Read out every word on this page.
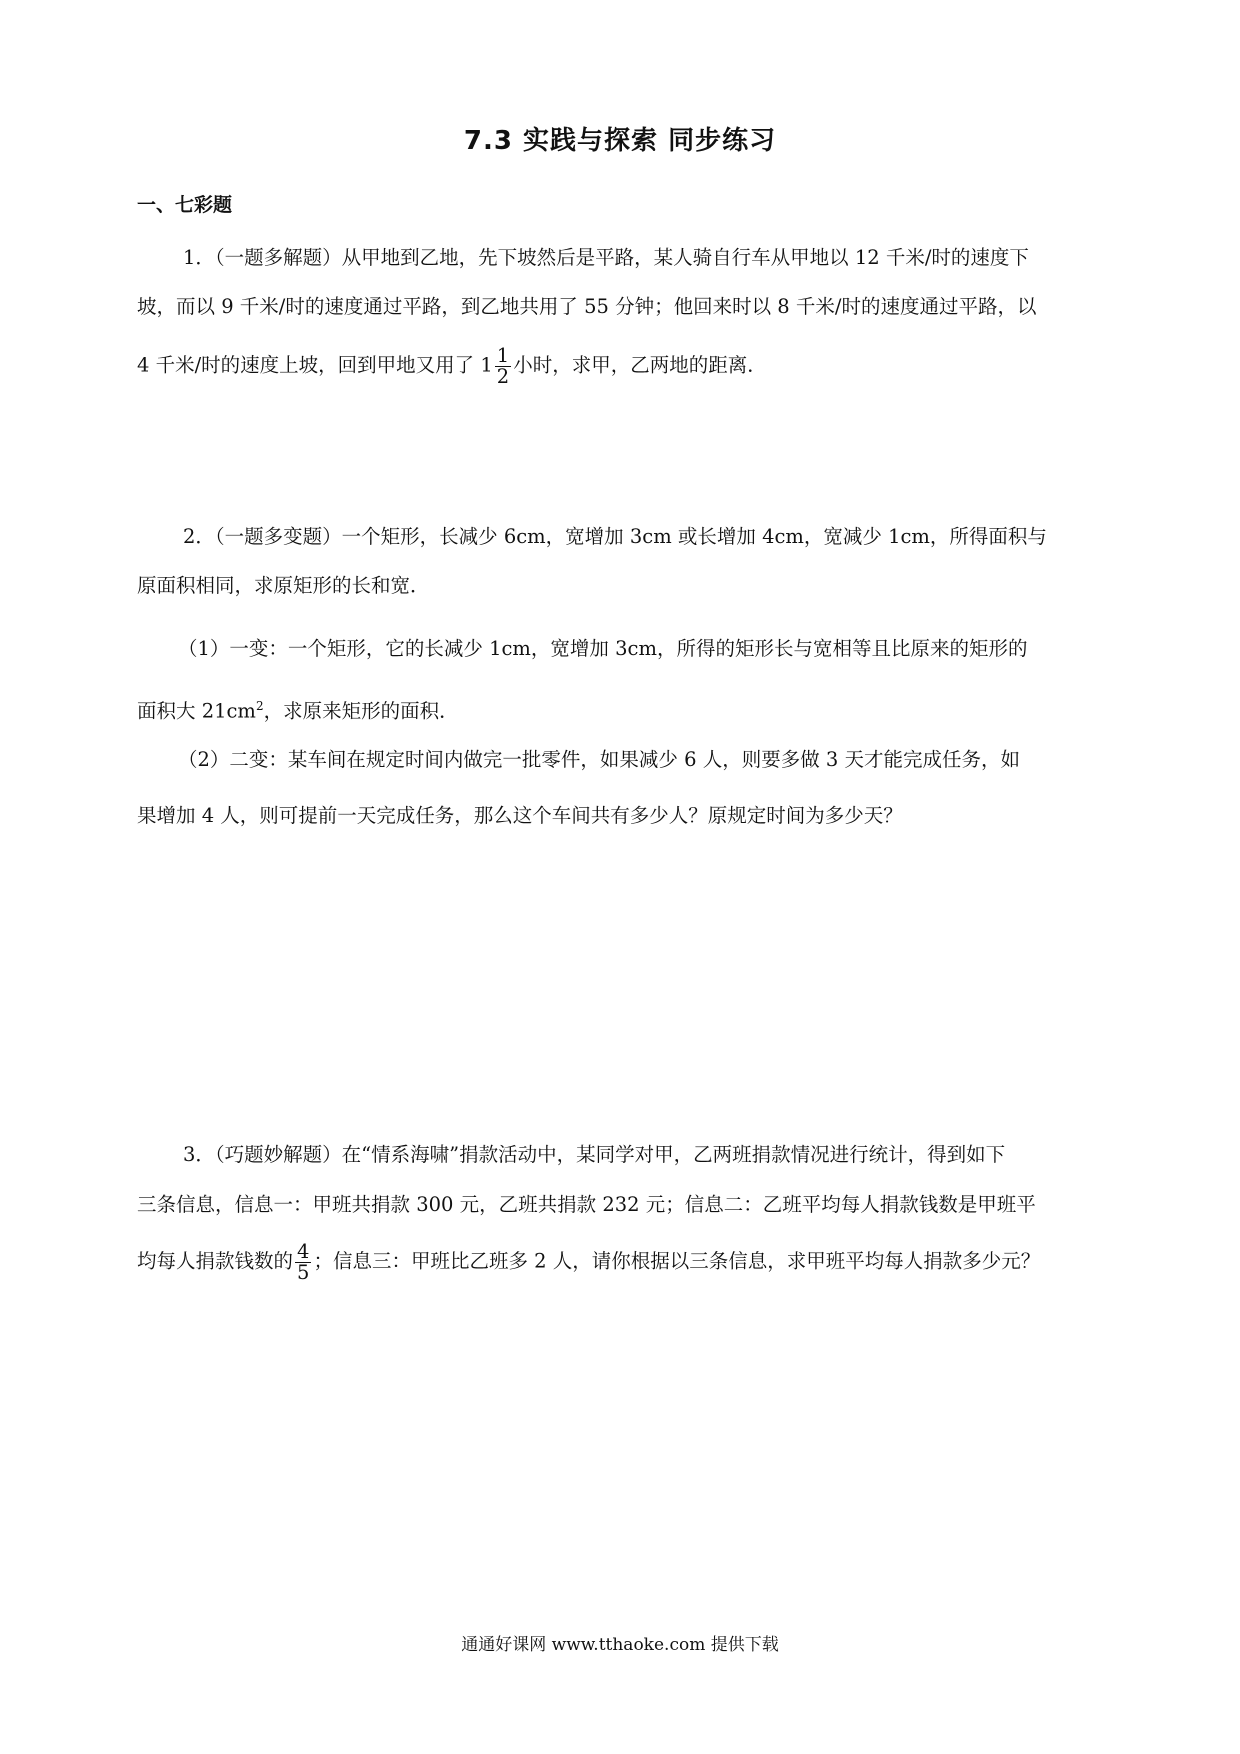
7.3 实践与探索 同步练习
一、七彩题
1．（一题多解题）从甲地到乙地，先下坡然后是平路，某人骑自行车从甲地以 12 千米/时的速度下
坡，而以 9 千米/时的速度通过平路，到乙地共用了 55 分钟；他回来时以 8 千米/时的速度通过平路，以
4 千米/时的速度上坡，回到甲地又用了 $1 \frac{1}{2}$ 小时，求甲，乙两地的距离．
2．（一题多变题）一个矩形，长减少 6cm，宽增加 3cm 或长增加 4cm，宽减少 1cm，所得面积与
原面积相同，求原矩形的长和宽．
（1）一变：一个矩形，它的长减少 1cm，宽增加 3cm，所得的矩形长与宽相等且比原来的矩形的
面积大 $21cm^2$，求原来矩形的面积．
（2）二变：某车间在规定时间内做完一批零件，如果减少 6 人，则要多做 3 天才能完成任务，如
果增加 4 人，则可提前一天完成任务，那么这个车间共有多少人？原规定时间为多少天？
3．（巧题妙解题）在“情系海啸”捐款活动中，某同学对甲，乙两班捐款情况进行统计，得到如下
三条信息，信息一：甲班共捐款 300 元，乙班共捐款 232 元；信息二：乙班平均每人捐款钱数是甲班平
均每人捐款钱数的 $\frac{4}{5}$ ；信息三：甲班比乙班多 2 人，请你根据以三条信息，求甲班平均每人捐款多少元？
通通好课网 www.tthaoke.com 提供下载
